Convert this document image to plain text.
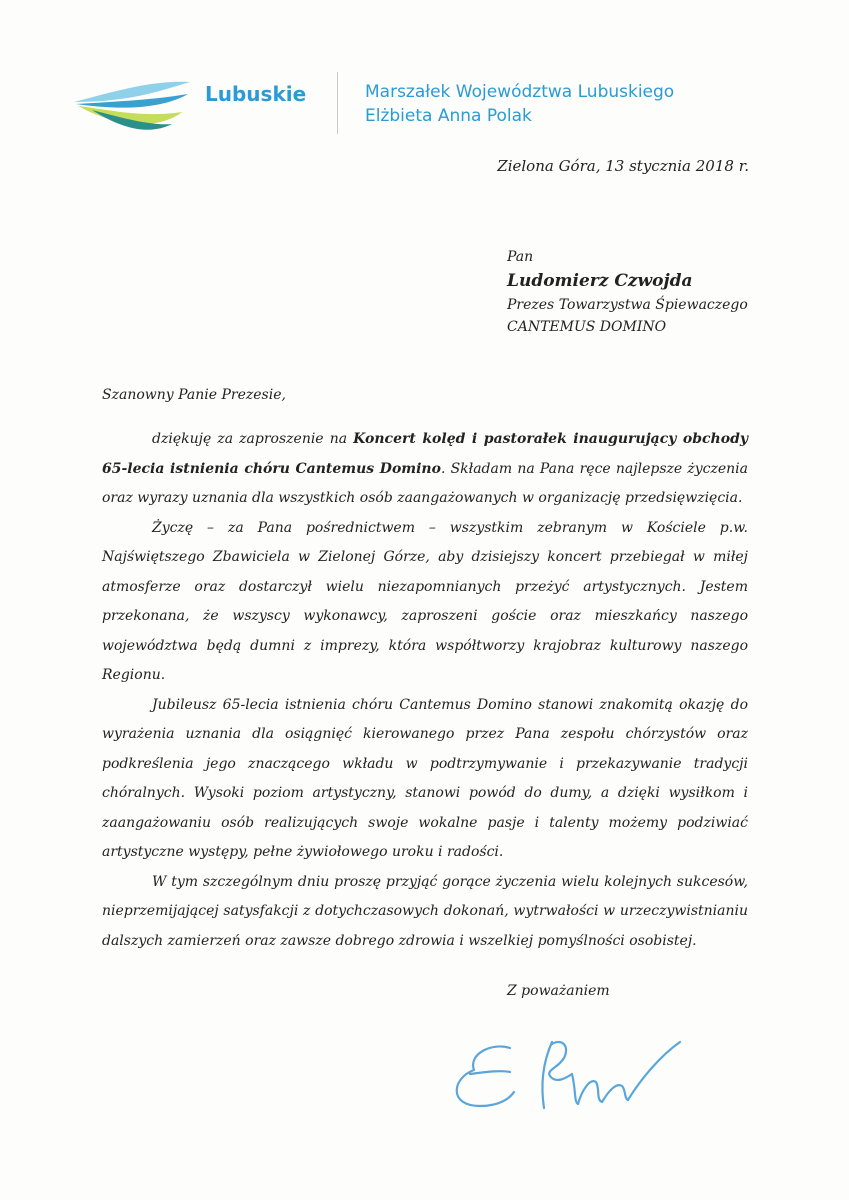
Lubuskie	Marszałek Województwa Lubuskiego
Elżbieta Anna Polak
Zielona Góra, 13 stycznia 2018 r.
Pan
Ludomierz Czwojda
Prezes Towarzystwa Śpiewaczego
CANTEMUS DOMINO
Szanowny Panie Prezesie,

dziękuję za zaproszenie na Koncert kolęd i pastorałek inaugurujący obchody 65-lecia istnienia chóru Cantemus Domino. Składam na Pana ręce najlepsze życzenia oraz wyrazy uznania dla wszystkich osób zaangażowanych w organizację przedsięwzięcia.

Życzę – za Pana pośrednictwem – wszystkim zebranym w Kościele p.w. Najświętszego Zbawiciela w Zielonej Górze, aby dzisiejszy koncert przebiegał w miłej atmosferze oraz dostarczył wielu niezapomnianych przeżyć artystycznych. Jestem przekonana, że wszyscy wykonawcy, zaproszeni goście oraz mieszkańcy naszego województwa będą dumni z imprezy, która współtworzy krajobraz kulturowy naszego Regionu.

Jubileusz 65-lecia istnienia chóru Cantemus Domino stanowi znakomitą okazję do wyrażenia uznania dla osiągnięć kierowanego przez Pana zespołu chórzystów oraz podkreślenia jego znaczącego wkładu w podtrzymywanie i przekazywanie tradycji chóralnych. Wysoki poziom artystyczny, stanowi powód do dumy, a dzięki wysiłkom i zaangażowaniu osób realizujących swoje wokalne pasje i talenty możemy podziwiać artystyczne występy, pełne żywiołowego uroku i radości.

W tym szczególnym dniu proszę przyjąć gorące życzenia wielu kolejnych sukcesów, nieprzemijającej satysfakcji z dotychczasowych dokonań, wytrwałości w urzeczywistnianiu dalszych zamierzeń oraz zawsze dobrego zdrowia i wszelkiej pomyślności osobistej.

Z poważaniem
